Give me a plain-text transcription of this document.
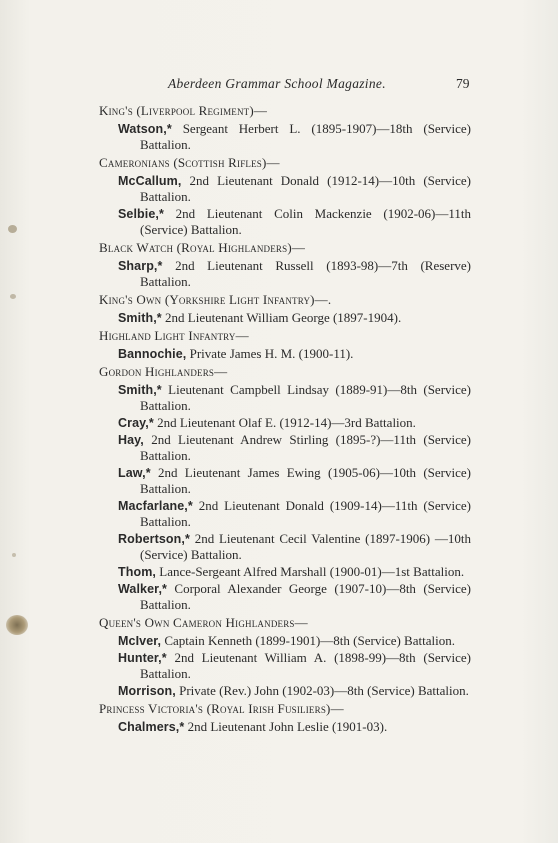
Aberdeen Grammar School Magazine.	79
King's (Liverpool Regiment)—
Watson,* Sergeant Herbert L. (1895-1907)—18th (Service) Battalion.
Cameronians (Scottish Rifles)—
McCallum, 2nd Lieutenant Donald (1912-14)—10th (Service) Battalion.
Selbie,* 2nd Lieutenant Colin Mackenzie (1902-06)—11th (Service) Battalion.
Black Watch (Royal Highlanders)—
Sharp,* 2nd Lieutenant Russell (1893-98)—7th (Reserve) Battalion.
King's Own (Yorkshire Light Infantry)—.
Smith,* 2nd Lieutenant William George (1897-1904).
Highland Light Infantry—
Bannochie, Private James H. M. (1900-11).
Gordon Highlanders—
Smith,* Lieutenant Campbell Lindsay (1889-91)—8th (Service) Battalion.
Cray,* 2nd Lieutenant Olaf E. (1912-14)—3rd Battalion.
Hay, 2nd Lieutenant Andrew Stirling (1895-?)—11th (Service) Battalion.
Law,* 2nd Lieutenant James Ewing (1905-06)—10th (Service) Battalion.
Macfarlane,* 2nd Lieutenant Donald (1909-14)—11th (Service) Battalion.
Robertson,* 2nd Lieutenant Cecil Valentine (1897-1906) —10th (Service) Battalion.
Thom, Lance-Sergeant Alfred Marshall (1900-01)—1st Battalion.
Walker,* Corporal Alexander George (1907-10)—8th (Service) Battalion.
Queen's Own Cameron Highlanders—
McIver, Captain Kenneth (1899-1901)—8th (Service) Battalion.
Hunter,* 2nd Lieutenant William A. (1898-99)—8th (Service) Battalion.
Morrison, Private (Rev.) John (1902-03)—8th (Service) Battalion.
Princess Victoria's (Royal Irish Fusiliers)—
Chalmers,* 2nd Lieutenant John Leslie (1901-03).
